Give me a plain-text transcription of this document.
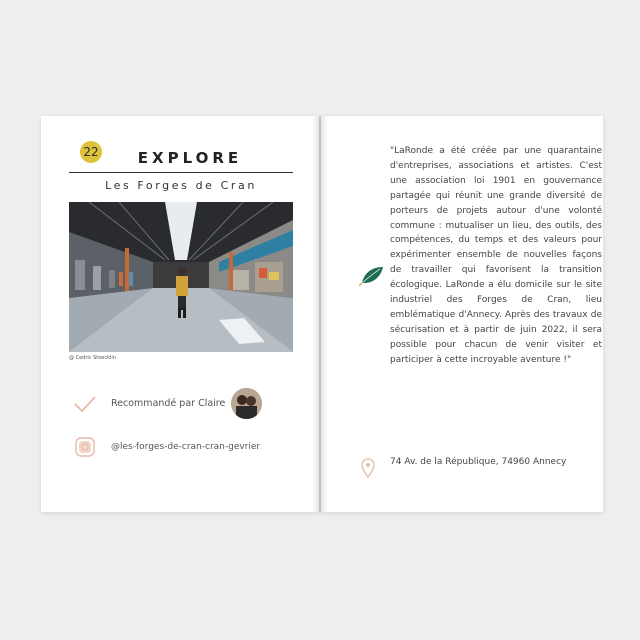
22	EXPLORE
Les Forges de Cran
@ Cedric Stoecklin
Recommandé par Claire
@les-forges-de-cran-cran-gevrier

"LaRonde a été créée par une quarantaine d'entreprises, associations et artistes. C'est une association loi 1901 en gouvernance partagée qui réunit une grande diversité de porteurs de projets autour d'une volonté commune : mutualiser un lieu, des outils, des compétences, du temps et des valeurs pour expérimenter ensemble de nouvelles façons de travailler qui favorisent la transition écologique. LaRonde a élu domicile sur le site industriel des Forges de Cran, lieu emblématique d'Annecy. Après des travaux de sécurisation et à partir de juin 2022, il sera possible pour chacun de venir visiter et participer à cette incroyable aventure !"

74 Av. de la République, 74960 Annecy
